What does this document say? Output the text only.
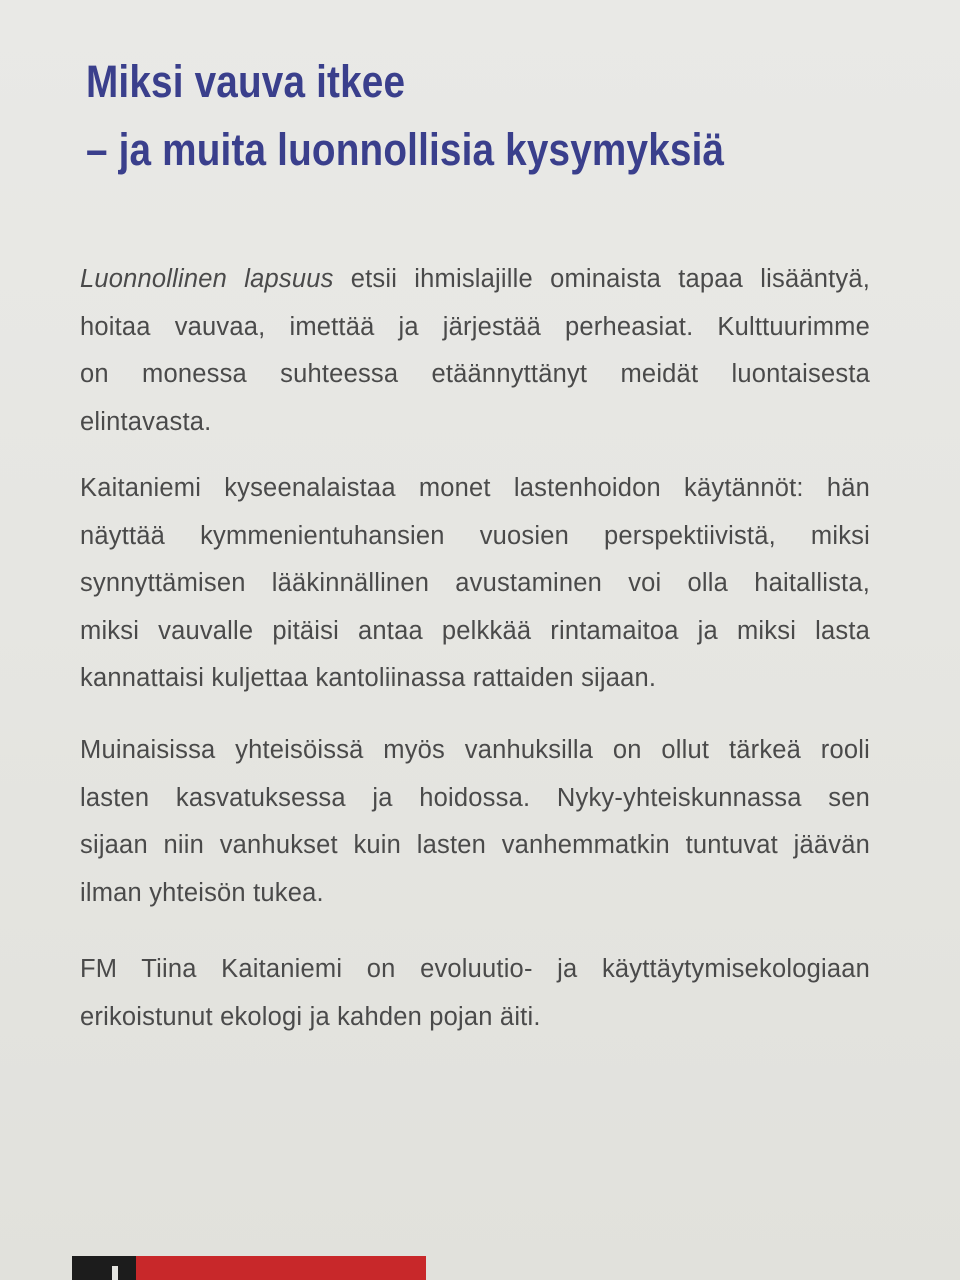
Miksi vauva itkee
– ja muita luonnollisia kysymyksiä
Luonnollinen lapsuus etsii ihmislajille ominaista tapaa lisääntyä,
hoitaa vauvaa, imettää ja järjestää perheasiat. Kulttuurimme
on monessa suhteessa etäännyttänyt meidät luontaisesta
elintavasta.
Kaitaniemi kyseenalaistaa monet lastenhoidon käytännöt: hän
näyttää kymmenientuhansien vuosien perspektiivistä, miksi
synnyttämisen lääkinnällinen avustaminen voi olla haitallista,
miksi vauvalle pitäisi antaa pelkkää rintamaitoa ja miksi lasta
kannattaisi kuljettaa kantoliinassa rattaiden sijaan.
Muinaisissa yhteisöissä myös vanhuksilla on ollut tärkeä rooli
lasten kasvatuksessa ja hoidossa. Nyky-yhteiskunnassa sen
sijaan niin vanhukset kuin lasten vanhemmatkin tuntuvat jäävän
ilman yhteisön tukea.
FM Tiina Kaitaniemi on evoluutio- ja käyttäytymisekologiaan
erikoistunut ekologi ja kahden pojan äiti.
